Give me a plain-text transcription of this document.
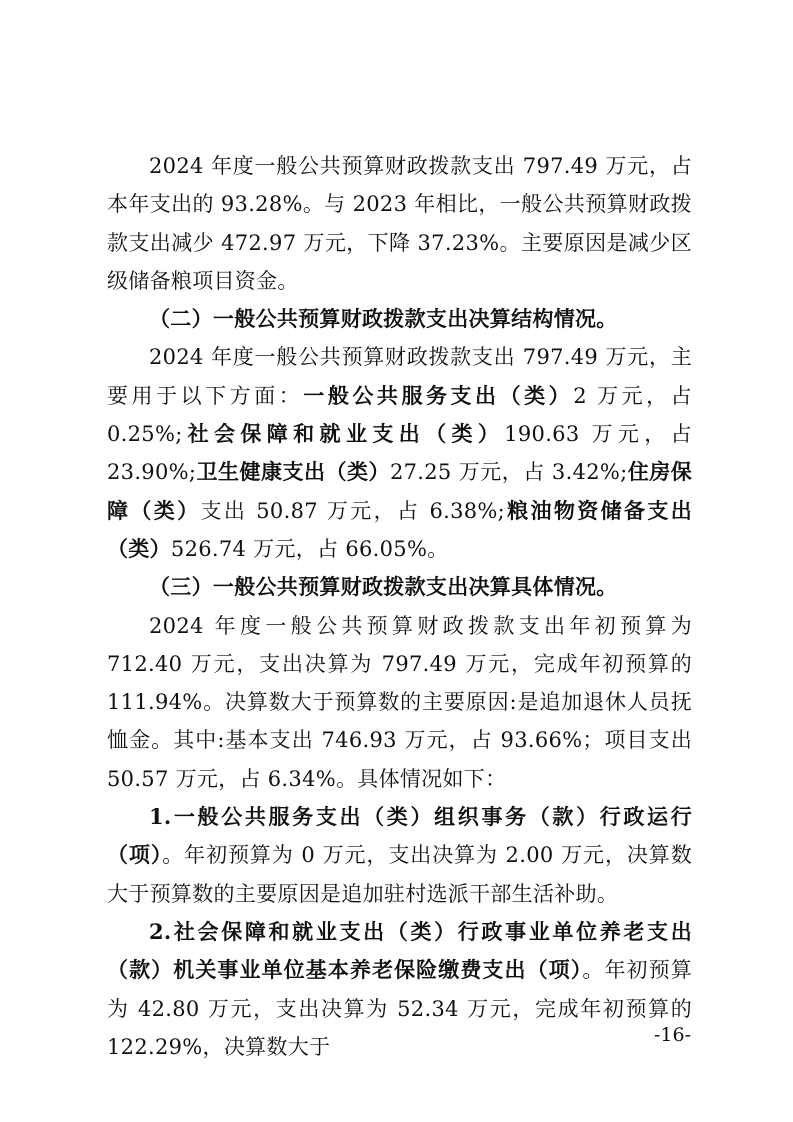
2024 年度一般公共预算财政拨款支出 797.49 万元，占本年支出的 93.28%。与 2023 年相比，一般公共预算财政拨款支出减少 472.97 万元，下降 37.23%。主要原因是减少区级储备粮项目资金。

（二）一般公共预算财政拨款支出决算结构情况。

2024 年度一般公共预算财政拨款支出 797.49 万元，主要用于以下方面：一般公共服务支出（类）2 万元，占 0.25%;社会保障和就业支出（类）190.63 万元，占 23.90%;卫生健康支出（类）27.25 万元，占 3.42%;住房保障（类）支出 50.87 万元，占 6.38%;粮油物资储备支出（类）526.74 万元，占 66.05%。

（三）一般公共预算财政拨款支出决算具体情况。

2024 年度一般公共预算财政拨款支出年初预算为 712.40 万元，支出决算为 797.49 万元，完成年初预算的 111.94%。决算数大于预算数的主要原因:是追加退休人员抚恤金。其中:基本支出 746.93 万元，占 93.66%；项目支出 50.57 万元，占 6.34%。具体情况如下：

1.一般公共服务支出（类）组织事务（款）行政运行（项）。年初预算为 0 万元，支出决算为 2.00 万元，决算数大于预算数的主要原因是追加驻村选派干部生活补助。

2.社会保障和就业支出（类）行政事业单位养老支出（款）机关事业单位基本养老保险缴费支出（项）。年初预算为 42.80 万元，支出决算为 52.34 万元，完成年初预算的 122.29%，决算数大于	-16-
